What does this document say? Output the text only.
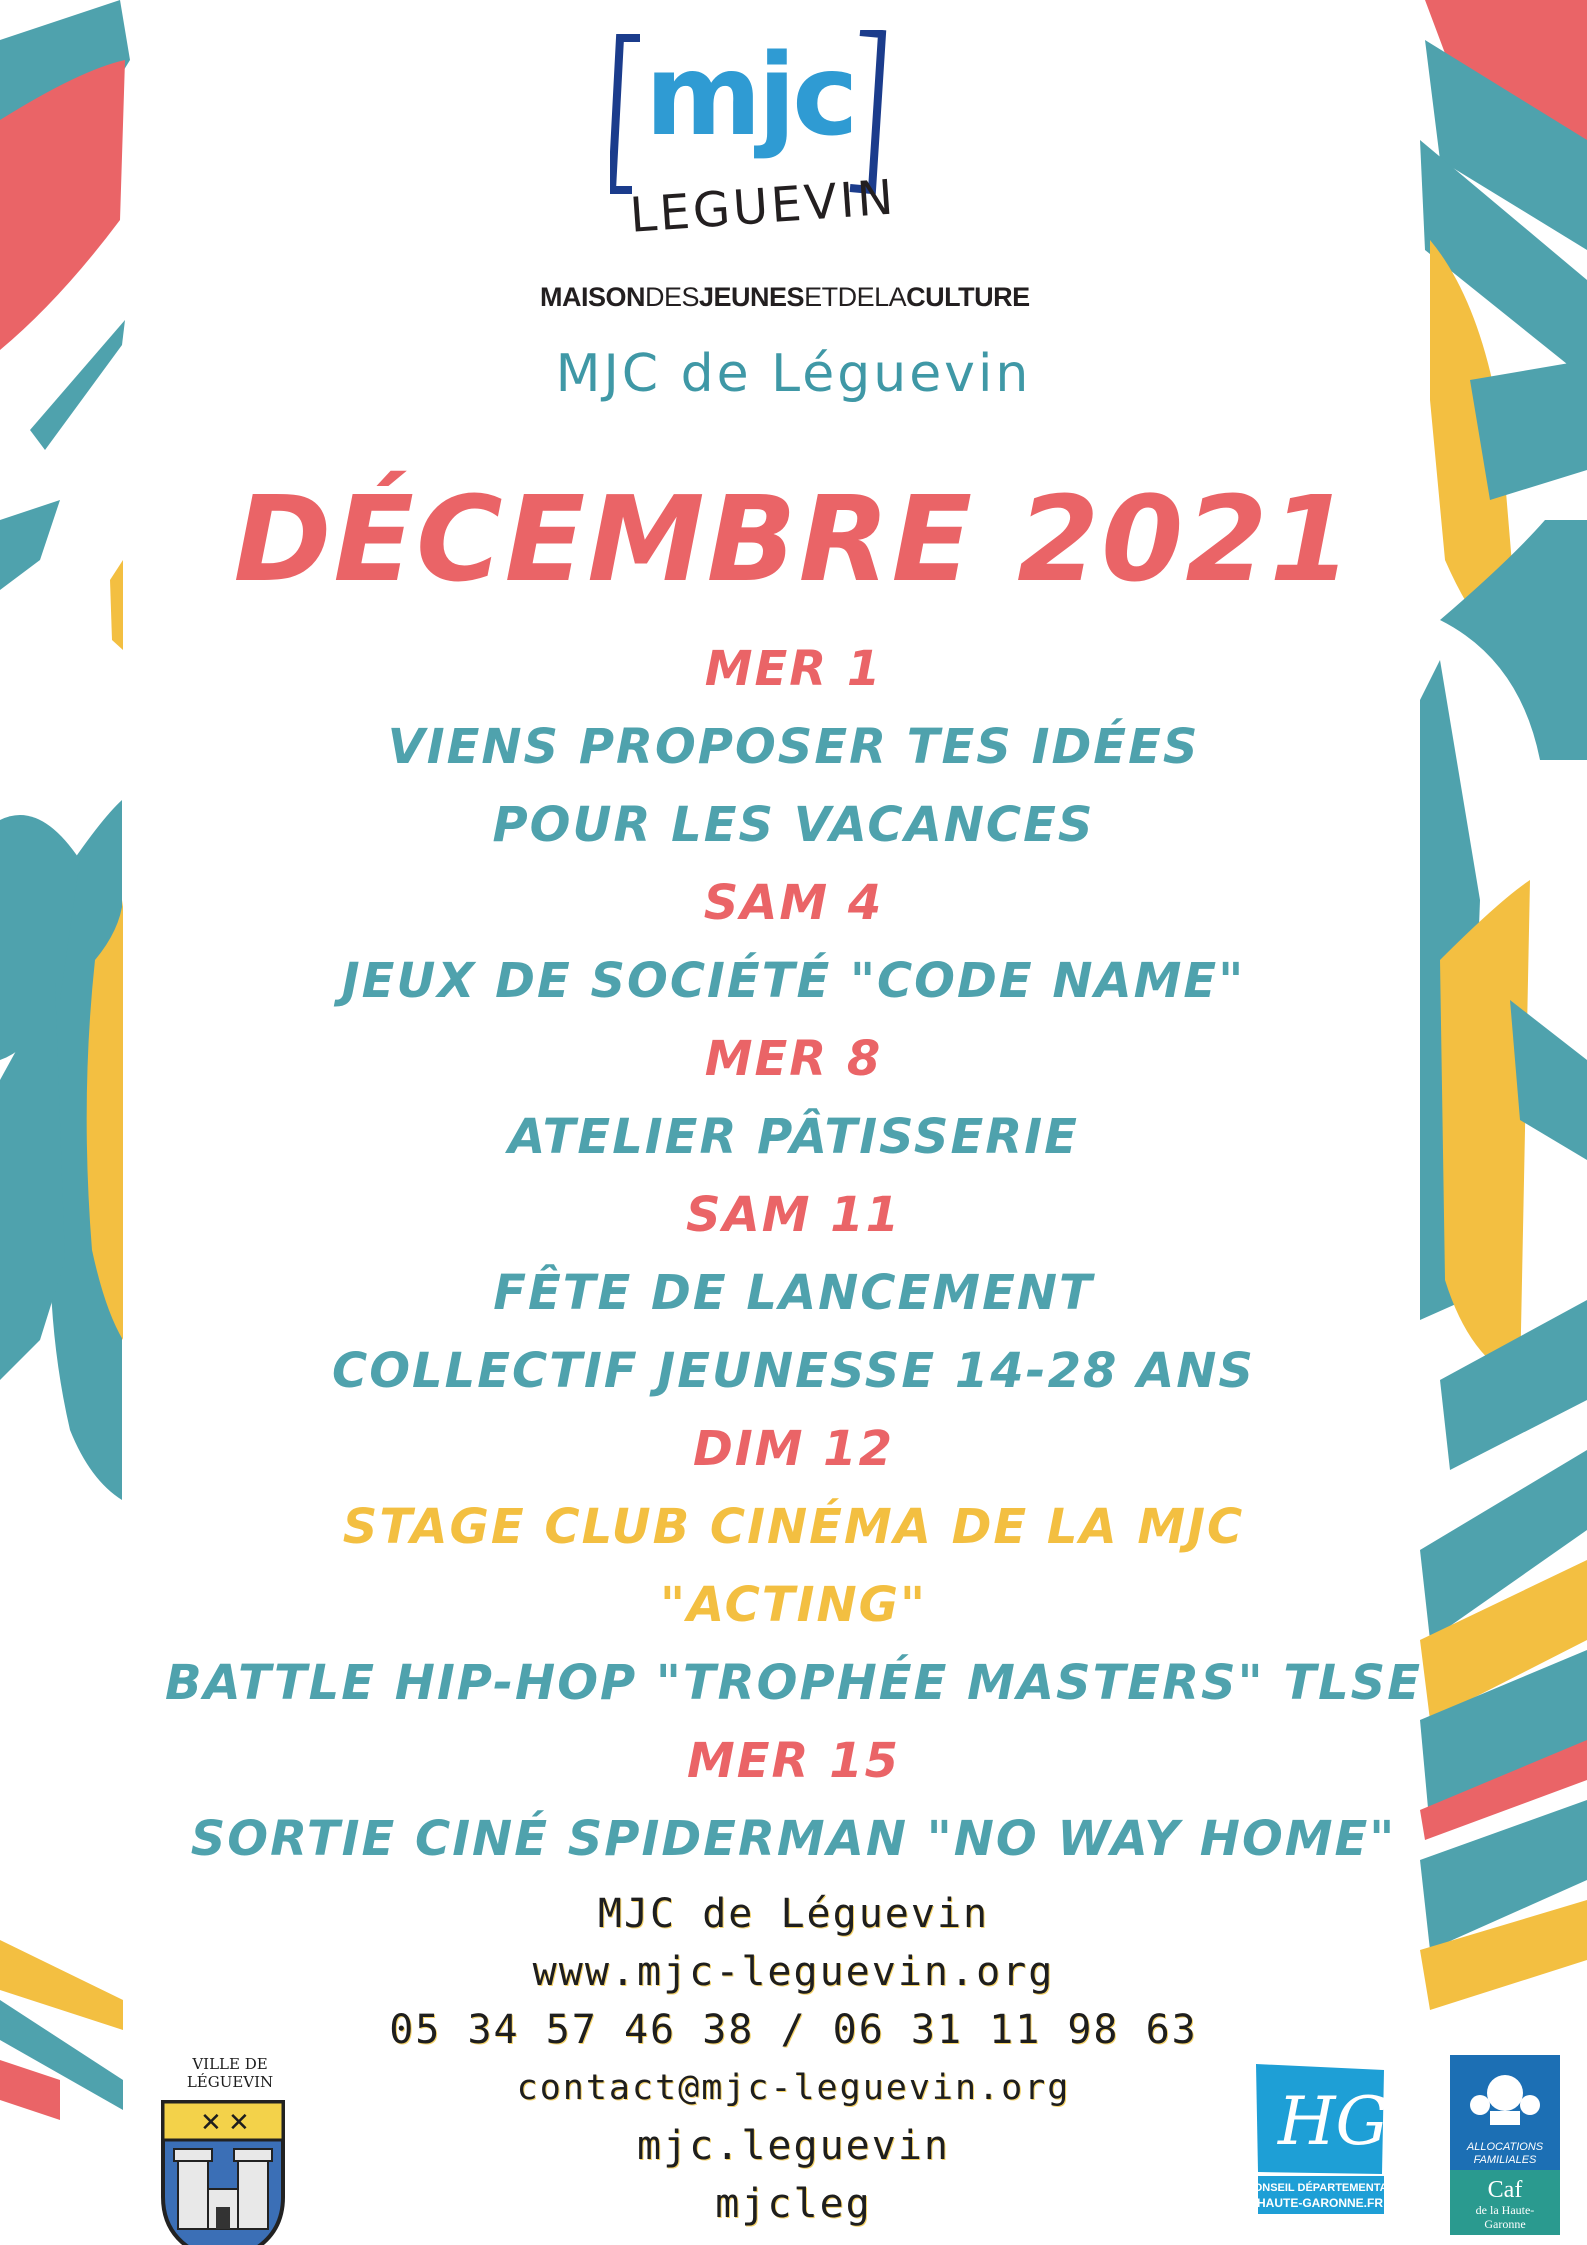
mjc
LEGUEVIN
MAISONDESJEUNESETDELACULTURE
MJC de Léguevin
DÉCEMBRE 2021
MER 1
VIENS PROPOSER TES IDÉES
POUR LES VACANCES
SAM 4
JEUX DE SOCIÉTÉ "CODE NAME"
MER 8
ATELIER PÂTISSERIE
SAM 11
FÊTE DE LANCEMENT
COLLECTIF JEUNESSE 14-28 ANS
DIM 12
STAGE CLUB CINÉMA DE LA MJC
"ACTING"
BATTLE HIP-HOP "TROPHÉE MASTERS" TLSE
MER 15
SORTIE CINÉ SPIDERMAN "NO WAY HOME"
MJC de Léguevin
www.mjc-leguevin.org
05 34 57 46 38 / 06 31 11 98 63
contact@mjc-leguevin.org
mjc.leguevin
mjcleg
VILLE DE LÉGUEVIN
✕ ✕	HG
CONSEIL DÉPARTEMENTAL
HAUTE-GARONNE.FR
ALLOCATIONS
FAMILIALES
Caf
de la Haute-
Garonne
